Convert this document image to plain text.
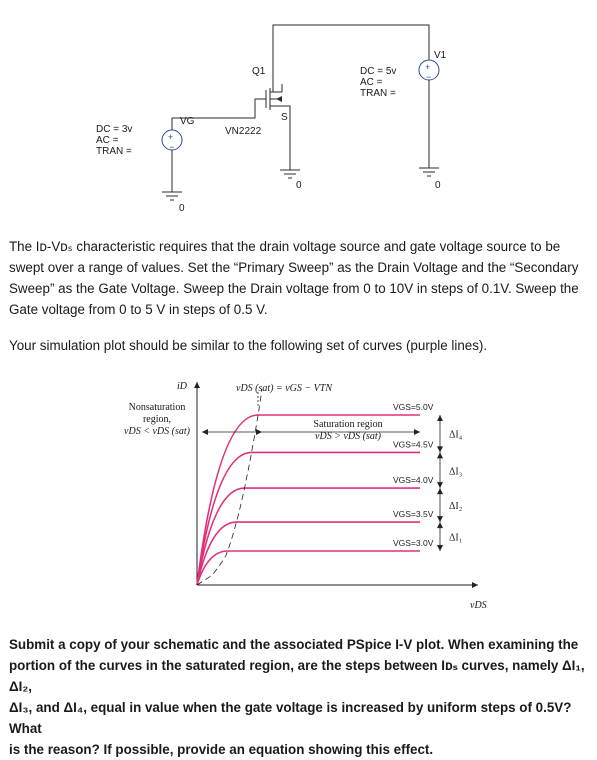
+
−
+
−
Q1
S
VN2222
VG
V1
DC = 3v
AC =
TRAN =
DC = 5v
AC =
TRAN =
0
0	0
The Iᴅ-Vᴅₛ characteristic requires that the drain voltage source and gate voltage source to be
swept over a range of values. Set the “Primary Sweep” as the Drain Voltage and the “Secondary
Sweep” as the Gate Voltage. Sweep the Drain voltage from 0 to 10V in steps of 0.1V. Sweep the
Gate voltage from 0 to 5 V in steps of 0.5 V.
Your simulation plot should be similar to the following set of curves (purple lines).
VGS=5.0V
VGS=4.5V
VGS=4.0V
VGS=3.5V
VGS=3.0V
ΔI₄
ΔI₃
ΔI₂
ΔI₁
iD
vDS
vDS (sat) = vGS − VTN
Nonsaturation
region,
vDS < vDS (sat)
Saturation region
vDS > vDS (sat)
Submit a copy of your schematic and the associated PSpice I-V plot. When examining the
portion of the curves in the saturated region, are the steps between Iᴅₛ curves, namely ΔI₁, ΔI₂,
ΔI₃, and ΔI₄, equal in value when the gate voltage is increased by uniform steps of 0.5V? What
is the reason? If possible, provide an equation showing this effect.
